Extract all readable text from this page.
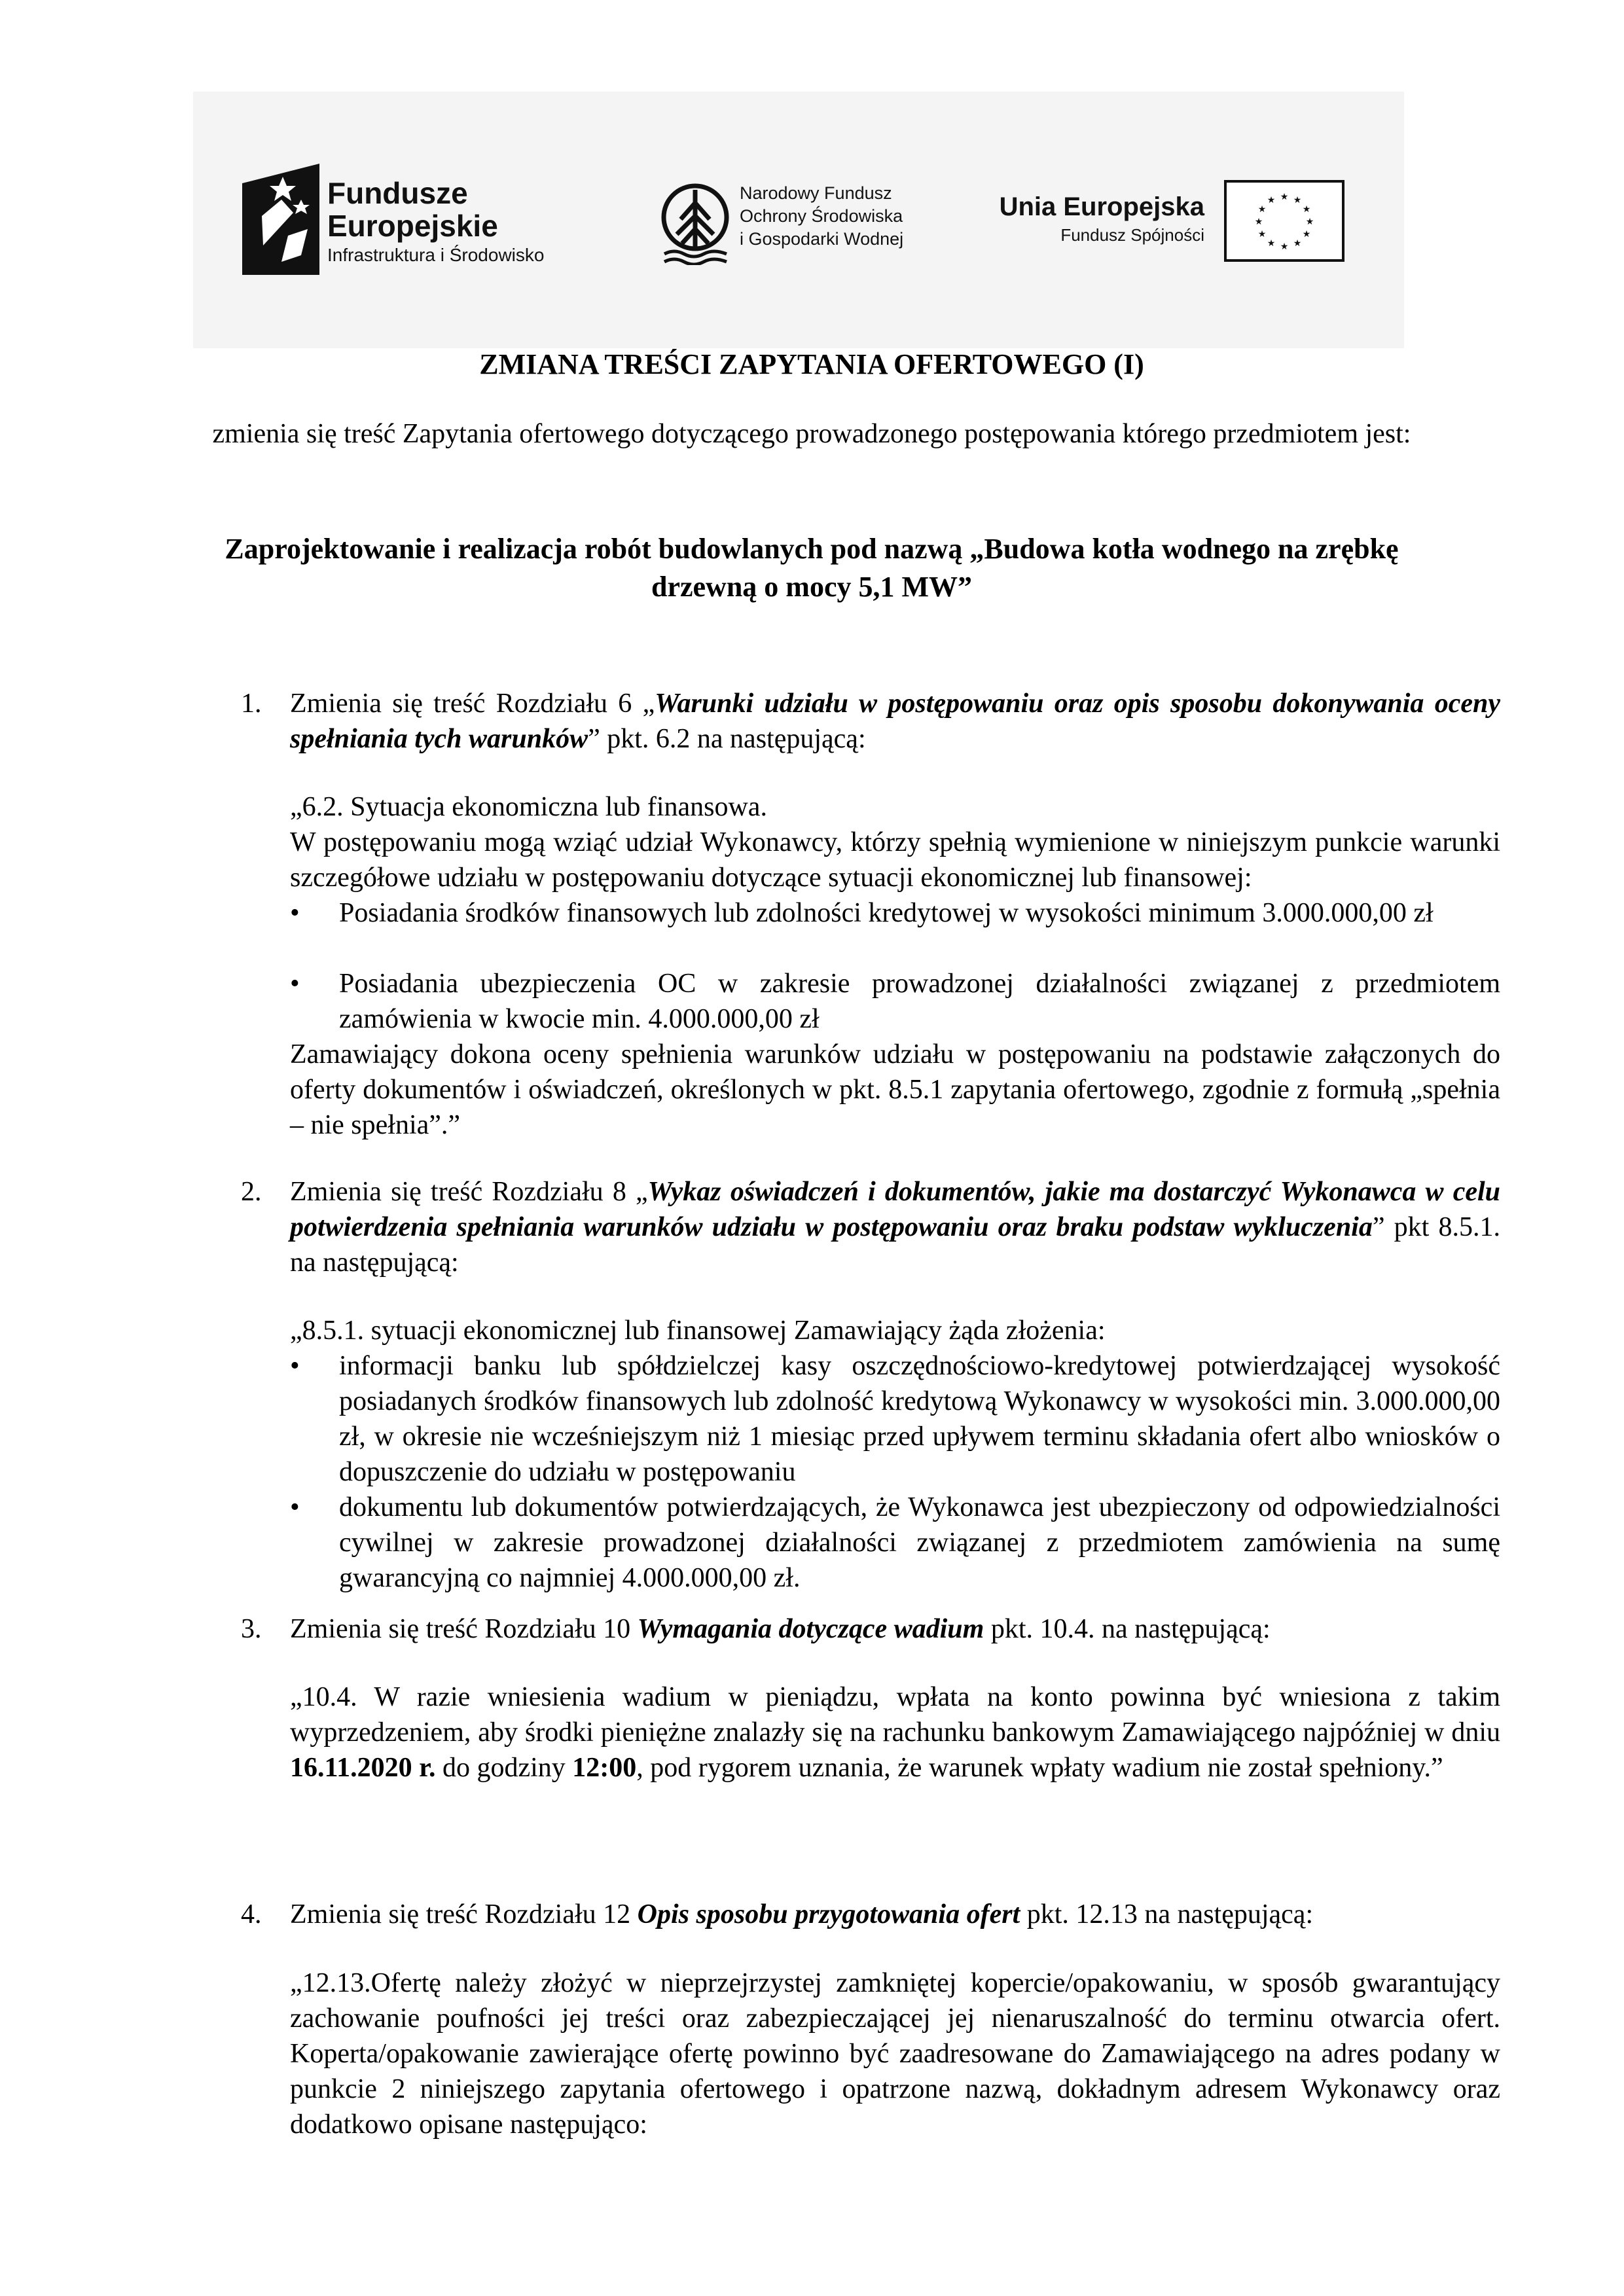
Fundusze
Europejskie
Infrastruktura i Środowisko
Narodowy Fundusz
Ochrony Środowiska
i Gospodarki Wodnej
Unia Europejska
Fundusz Spójności
★ ★
★
★
★
★
★
★
★
★
★
★
ZMIANA TREŚCI ZAPYTANIA OFERTOWEGO (I)
zmienia się treść Zapytania ofertowego dotyczącego prowadzonego postępowania którego przedmiotem jest:
Zaprojektowanie i realizacja robót budowlanych pod nazwą „Budowa kotła wodnego na zrębkę drzewną o mocy 5,1 MW”
1. Zmienia się treść Rozdziału 6 „Warunki udziału w postępowaniu oraz opis sposobu dokonywania oceny spełniania tych warunków” pkt. 6.2 na następującą:
„6.2. Sytuacja ekonomiczna lub finansowa.
W postępowaniu mogą wziąć udział Wykonawcy, którzy spełnią wymienione w niniejszym punkcie warunki szczegółowe udziału w postępowaniu dotyczące sytuacji ekonomicznej lub finansowej:
• Posiadania środków finansowych lub zdolności kredytowej w wysokości minimum 3.000.000,00 zł
• Posiadania ubezpieczenia OC w zakresie prowadzonej działalności związanej z przedmiotem zamówienia w kwocie min. 4.000.000,00 zł
Zamawiający dokona oceny spełnienia warunków udziału w postępowaniu na podstawie załączonych do oferty dokumentów i oświadczeń, określonych w pkt. 8.5.1 zapytania ofertowego, zgodnie z formułą „spełnia – nie spełnia”.”
2. Zmienia się treść Rozdziału 8 „Wykaz oświadczeń i dokumentów, jakie ma dostarczyć Wykonawca w celu potwierdzenia spełniania warunków udziału w postępowaniu oraz braku podstaw wykluczenia” pkt 8.5.1. na następującą:
„8.5.1. sytuacji ekonomicznej lub finansowej Zamawiający żąda złożenia:
• informacji banku lub spółdzielczej kasy oszczędnościowo-kredytowej potwierdzającej wysokość posiadanych środków finansowych lub zdolność kredytową Wykonawcy w wysokości min. 3.000.000,00 zł, w okresie nie wcześniejszym niż 1 miesiąc przed upływem terminu składania ofert albo wniosków o dopuszczenie do udziału w postępowaniu
• dokumentu lub dokumentów potwierdzających, że Wykonawca jest ubezpieczony od odpowiedzialności cywilnej w zakresie prowadzonej działalności związanej z przedmiotem zamówienia na sumę gwarancyjną co najmniej 4.000.000,00 zł.
3. Zmienia się treść Rozdziału 10 Wymagania dotyczące wadium pkt. 10.4. na następującą:
„10.4. W razie wniesienia wadium w pieniądzu, wpłata na konto powinna być wniesiona z takim wyprzedzeniem, aby środki pieniężne znalazły się na rachunku bankowym Zamawiającego najpóźniej w dniu 16.11.2020 r. do godziny 12:00, pod rygorem uznania, że warunek wpłaty wadium nie został spełniony.”
4. Zmienia się treść Rozdziału 12 Opis sposobu przygotowania ofert pkt. 12.13 na następującą:
„12.13.Ofertę należy złożyć w nieprzejrzystej zamkniętej kopercie/opakowaniu, w sposób gwarantujący zachowanie poufności jej treści oraz zabezpieczającej jej nienaruszalność do terminu otwarcia ofert. Koperta/opakowanie zawierające ofertę powinno być zaadresowane do Zamawiającego na adres podany w punkcie 2 niniejszego zapytania ofertowego i opatrzone nazwą, dokładnym adresem Wykonawcy oraz dodatkowo opisane następująco:
